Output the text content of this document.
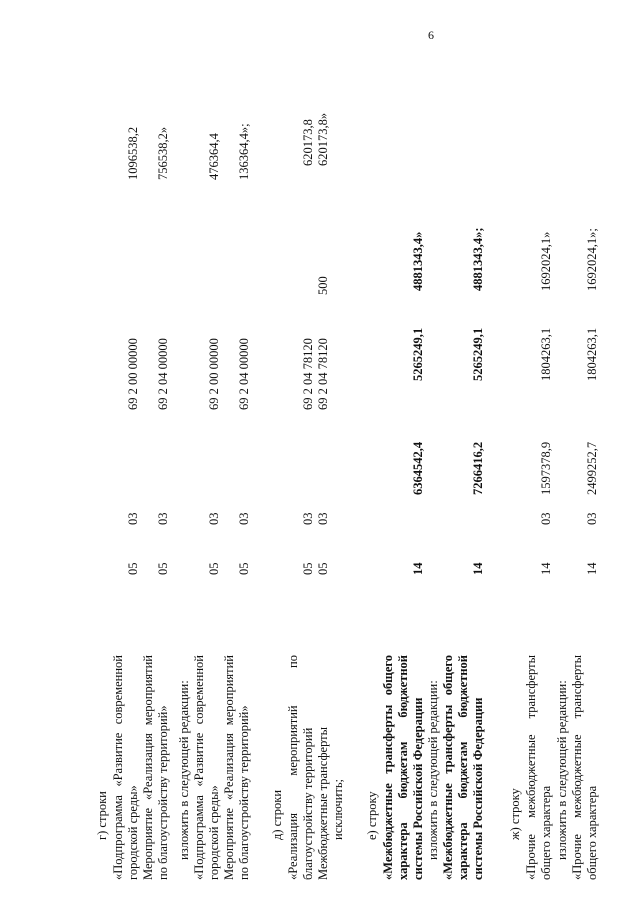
6
г) строки «Подпрограмма «Развитие современной городской среды»
05
03
69 2 00 00000
1096538,2
Мероприятие «Реализация мероприятий по благоустройству территорий»
05
03
69 2 04 00000
756538,2»
изложить в следующей редакции: «Подпрограмма «Развитие современной городской среды»
05
03
69 2 00 00000
476364,4
Мероприятие «Реализация мероприятий по благоустройству территорий»
05
03
69 2 04 00000
136364,4»;
д) строки «Реализация мероприятий по благоустройству территорий
05
03
69 2 04 78120
620173,8
Межбюджетные трансферты
05
03
69 2 04 78120
500
620173,8»
исключить; е) строку «Межбюджетные трансферты общего характера бюджетам бюджетной системы Российской Федерации
14
6364542,4
5265249,1
4881343,4»
изложить в следующей редакции: «Межбюджетные трансферты общего характера бюджетам бюджетной системы Российской Федерации
14
7266416,2
5265249,1
4881343,4»;
ж) строку «Прочие межбюджетные трансферты общего характера
14
03
1597378,9
1804263,1
1692024,1»
изложить в следующей редакции: «Прочие межбюджетные трансферты общего характера
14
03
2499252,7
1804263,1
1692024,1»;
